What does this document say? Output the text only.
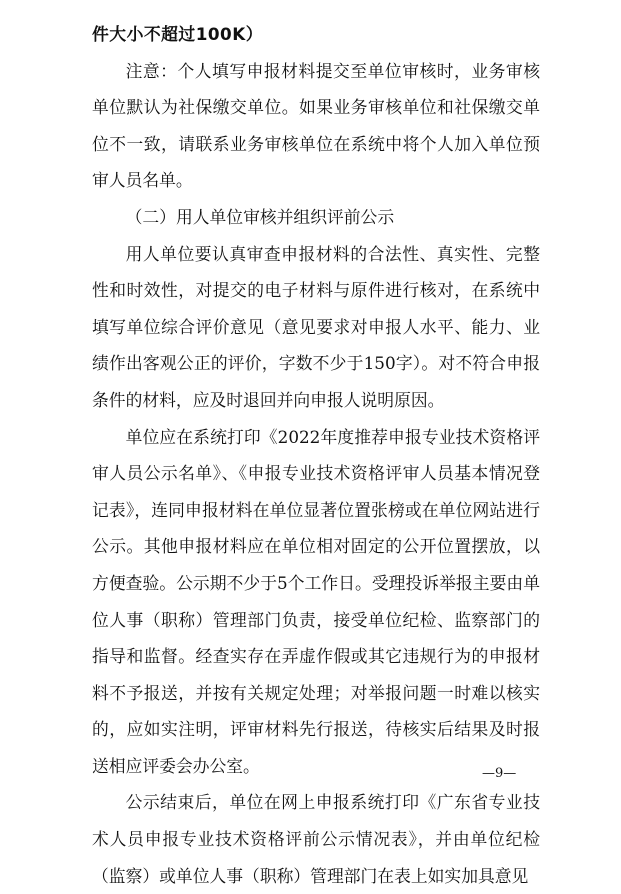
件大小不超过100K）

注意：个人填写申报材料提交至单位审核时，业务审核单位默认为社保缴交单位。如果业务审核单位和社保缴交单位不一致，请联系业务审核单位在系统中将个人加入单位预审人员名单。

（二）用人单位审核并组织评前公示

用人单位要认真审查申报材料的合法性、真实性、完整性和时效性，对提交的电子材料与原件进行核对，在系统中填写单位综合评价意见（意见要求对申报人水平、能力、业绩作出客观公正的评价，字数不少于150字）。对不符合申报条件的材料，应及时退回并向申报人说明原因。

单位应在系统打印《2022年度推荐申报专业技术资格评审人员公示名单》、《申报专业技术资格评审人员基本情况登记表》，连同申报材料在单位显著位置张榜或在单位网站进行公示。其他申报材料应在单位相对固定的公开位置摆放，以方便查验。公示期不少于5个工作日。受理投诉举报主要由单位人事（职称）管理部门负责，接受单位纪检、监察部门的指导和监督。经查实存在弄虚作假或其它违规行为的申报材料不予报送，并按有关规定处理；对举报问题一时难以核实的，应如实注明，评审材料先行报送，待核实后结果及时报送相应评委会办公室。

公示结束后，单位在网上申报系统打印《广东省专业技术人员申报专业技术资格评前公示情况表》，并由单位纪检（监察）或单位人事（职称）管理部门在表上如实加具意见

—9—
